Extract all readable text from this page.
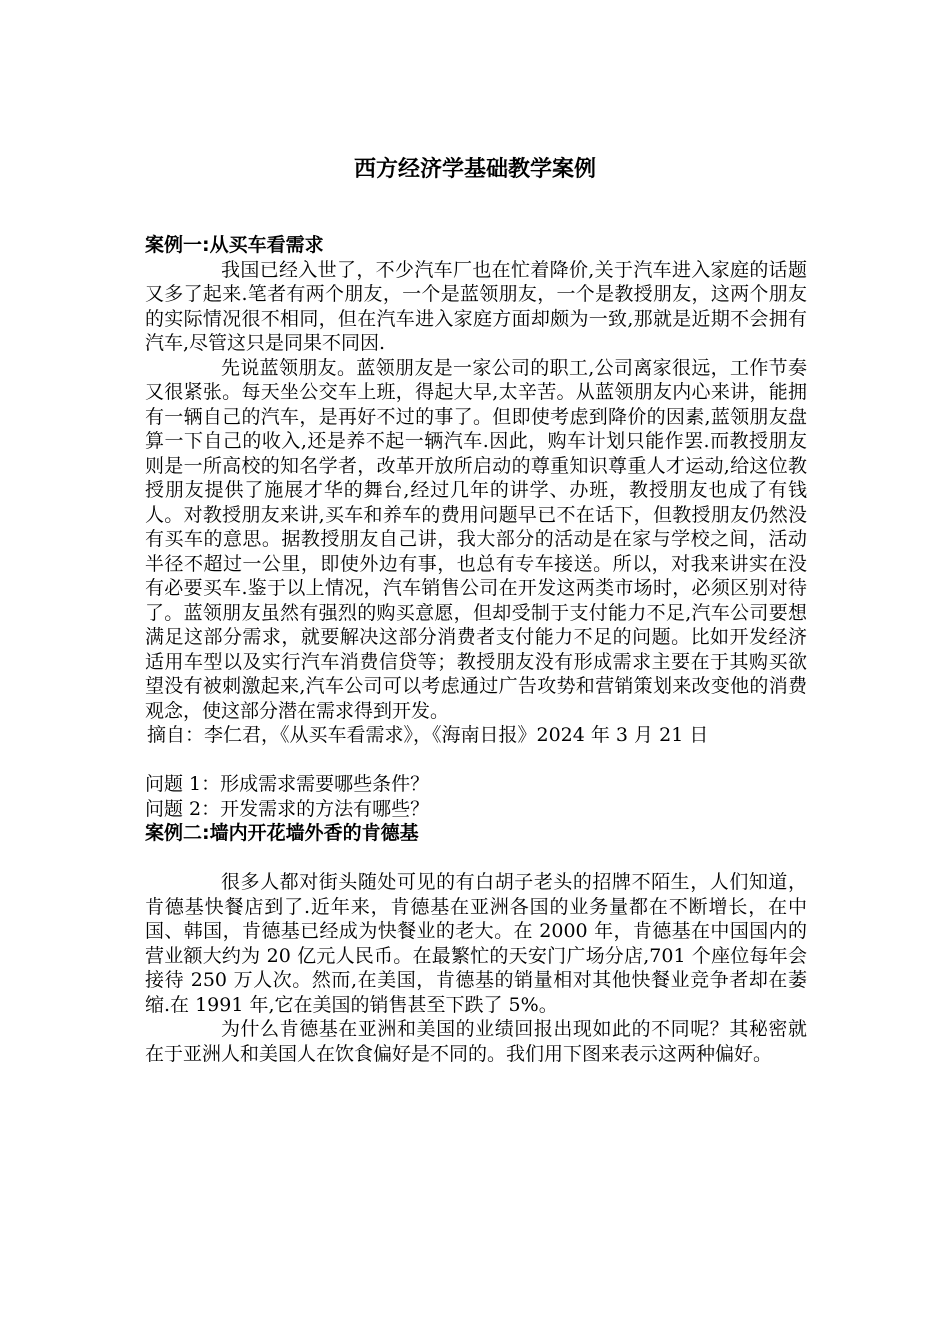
西方经济学基础教学案例
案例一:从买车看需求

我国已经入世了，不少汽车厂也在忙着降价,关于汽车进入家庭的话题又多了起来.笔者有两个朋友，一个是蓝领朋友，一个是教授朋友，这两个朋友的实际情况很不相同，但在汽车进入家庭方面却颇为一致,那就是近期不会拥有汽车,尽管这只是同果不同因.

先说蓝领朋友。蓝领朋友是一家公司的职工,公司离家很远，工作节奏又很紧张。每天坐公交车上班，得起大早,太辛苦。从蓝领朋友内心来讲，能拥有一辆自己的汽车，是再好不过的事了。但即使考虑到降价的因素,蓝领朋友盘算一下自己的收入,还是养不起一辆汽车.因此，购车计划只能作罢.而教授朋友则是一所高校的知名学者，改革开放所启动的尊重知识尊重人才运动,给这位教授朋友提供了施展才华的舞台,经过几年的讲学、办班，教授朋友也成了有钱人。对教授朋友来讲,买车和养车的费用问题早已不在话下，但教授朋友仍然没有买车的意思。据教授朋友自己讲，我大部分的活动是在家与学校之间，活动半径不超过一公里，即使外边有事，也总有专车接送。所以，对我来讲实在没有必要买车.鉴于以上情况，汽车销售公司在开发这两类市场时，必须区别对待了。蓝领朋友虽然有强烈的购买意愿，但却受制于支付能力不足,汽车公司要想满足这部分需求，就要解决这部分消费者支付能力不足的问题。比如开发经济适用车型以及实行汽车消费信贷等；教授朋友没有形成需求主要在于其购买欲望没有被刺激起来,汽车公司可以考虑通过广告攻势和营销策划来改变他的消费观念，使这部分潜在需求得到开发。

摘自：李仁君，《从买车看需求》，《海南日报》2024 年 3 月 21 日

问题 1：形成需求需要哪些条件？

问题 2：开发需求的方法有哪些？

案例二:墙内开花墙外香的肯德基

很多人都对街头随处可见的有白胡子老头的招牌不陌生，人们知道，肯德基快餐店到了.近年来，肯德基在亚洲各国的业务量都在不断增长，在中国、韩国，肯德基已经成为快餐业的老大。在 2000 年，肯德基在中国国内的营业额大约为 20 亿元人民币。在最繁忙的天安门广场分店,701 个座位每年会接待 250 万人次。然而,在美国，肯德基的销量相对其他快餐业竞争者却在萎缩.在 1991 年,它在美国的销售甚至下跌了 5%。

为什么肯德基在亚洲和美国的业绩回报出现如此的不同呢？其秘密就在于亚洲人和美国人在饮食偏好是不同的。我们用下图来表示这两种偏好。
